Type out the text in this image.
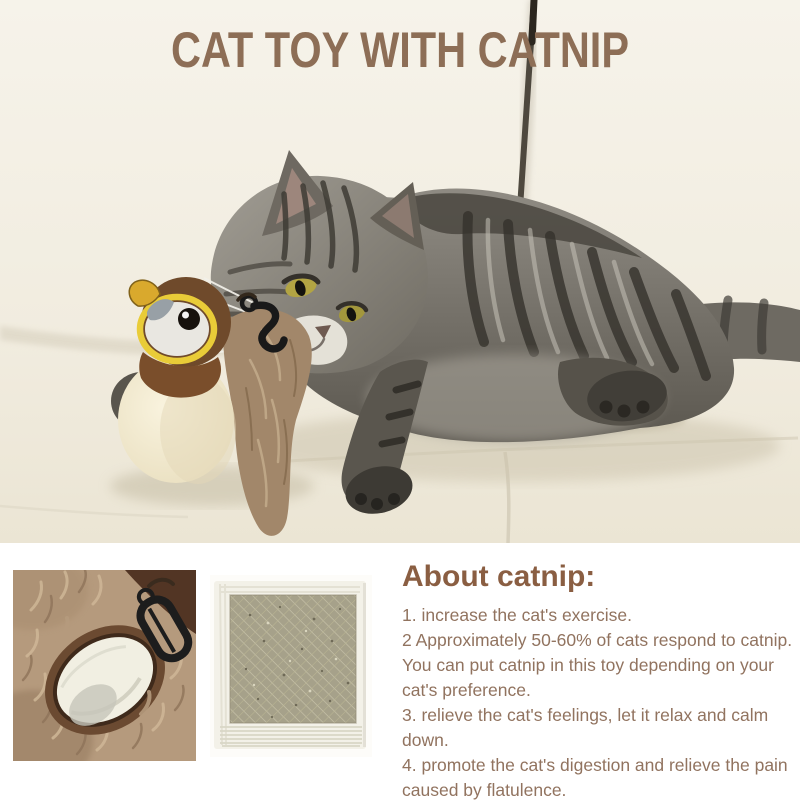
CAT TOY WITH CATNIP
About catnip:

1. increase the cat's exercise.

2 Approximately 50-60% of cats respond to catnip. You can put catnip in this toy depending on your cat's preference.

3. relieve the cat's feelings, let it relax and calm down.

4. promote the cat's digestion and relieve the pain caused by flatulence.
